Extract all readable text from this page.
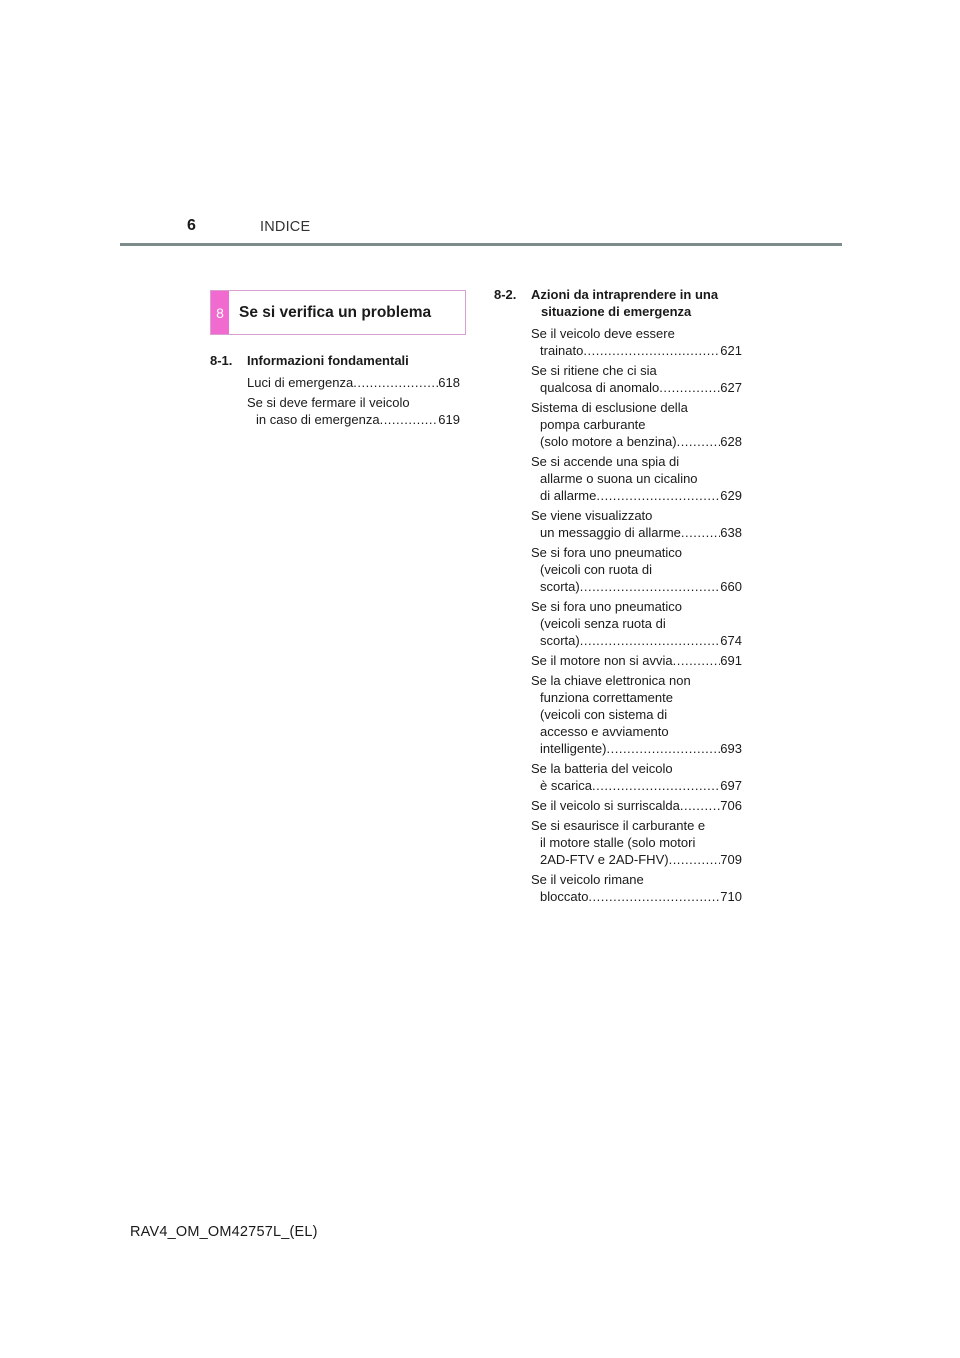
6	INDICE
8 Se si verifica un problema
8-1.	Informazioni fondamentali
Luci di emergenza .....	618
Se si deve fermare il veicolo
in caso di emergenza .....	619
8-2.	Azioni da intraprendere in una
situazione di emergenza
Se il veicolo deve essere
trainato .....	621
Se si ritiene che ci sia
qualcosa di anomalo .....	627
Sistema di esclusione della
pompa carburante
(solo motore a benzina) .....	628
Se si accende una spia di
allarme o suona un cicalino
di allarme .....	629
Se viene visualizzato
un messaggio di allarme .....	638
Se si fora uno pneumatico
(veicoli con ruota di
scorta) .....	660
Se si fora uno pneumatico
(veicoli senza ruota di
scorta) .....	674
Se il motore non si avvia .....	691
Se la chiave elettronica non
funziona correttamente
(veicoli con sistema di
accesso e avviamento
intelligente) .....	693
Se la batteria del veicolo
è scarica .....	697
Se il veicolo si surriscalda .....	706
Se si esaurisce il carburante e
il motore stalle (solo motori
2AD-FTV e 2AD-FHV) .....	709
Se il veicolo rimane
bloccato .....	710
RAV4_OM_OM42757L_(EL)
